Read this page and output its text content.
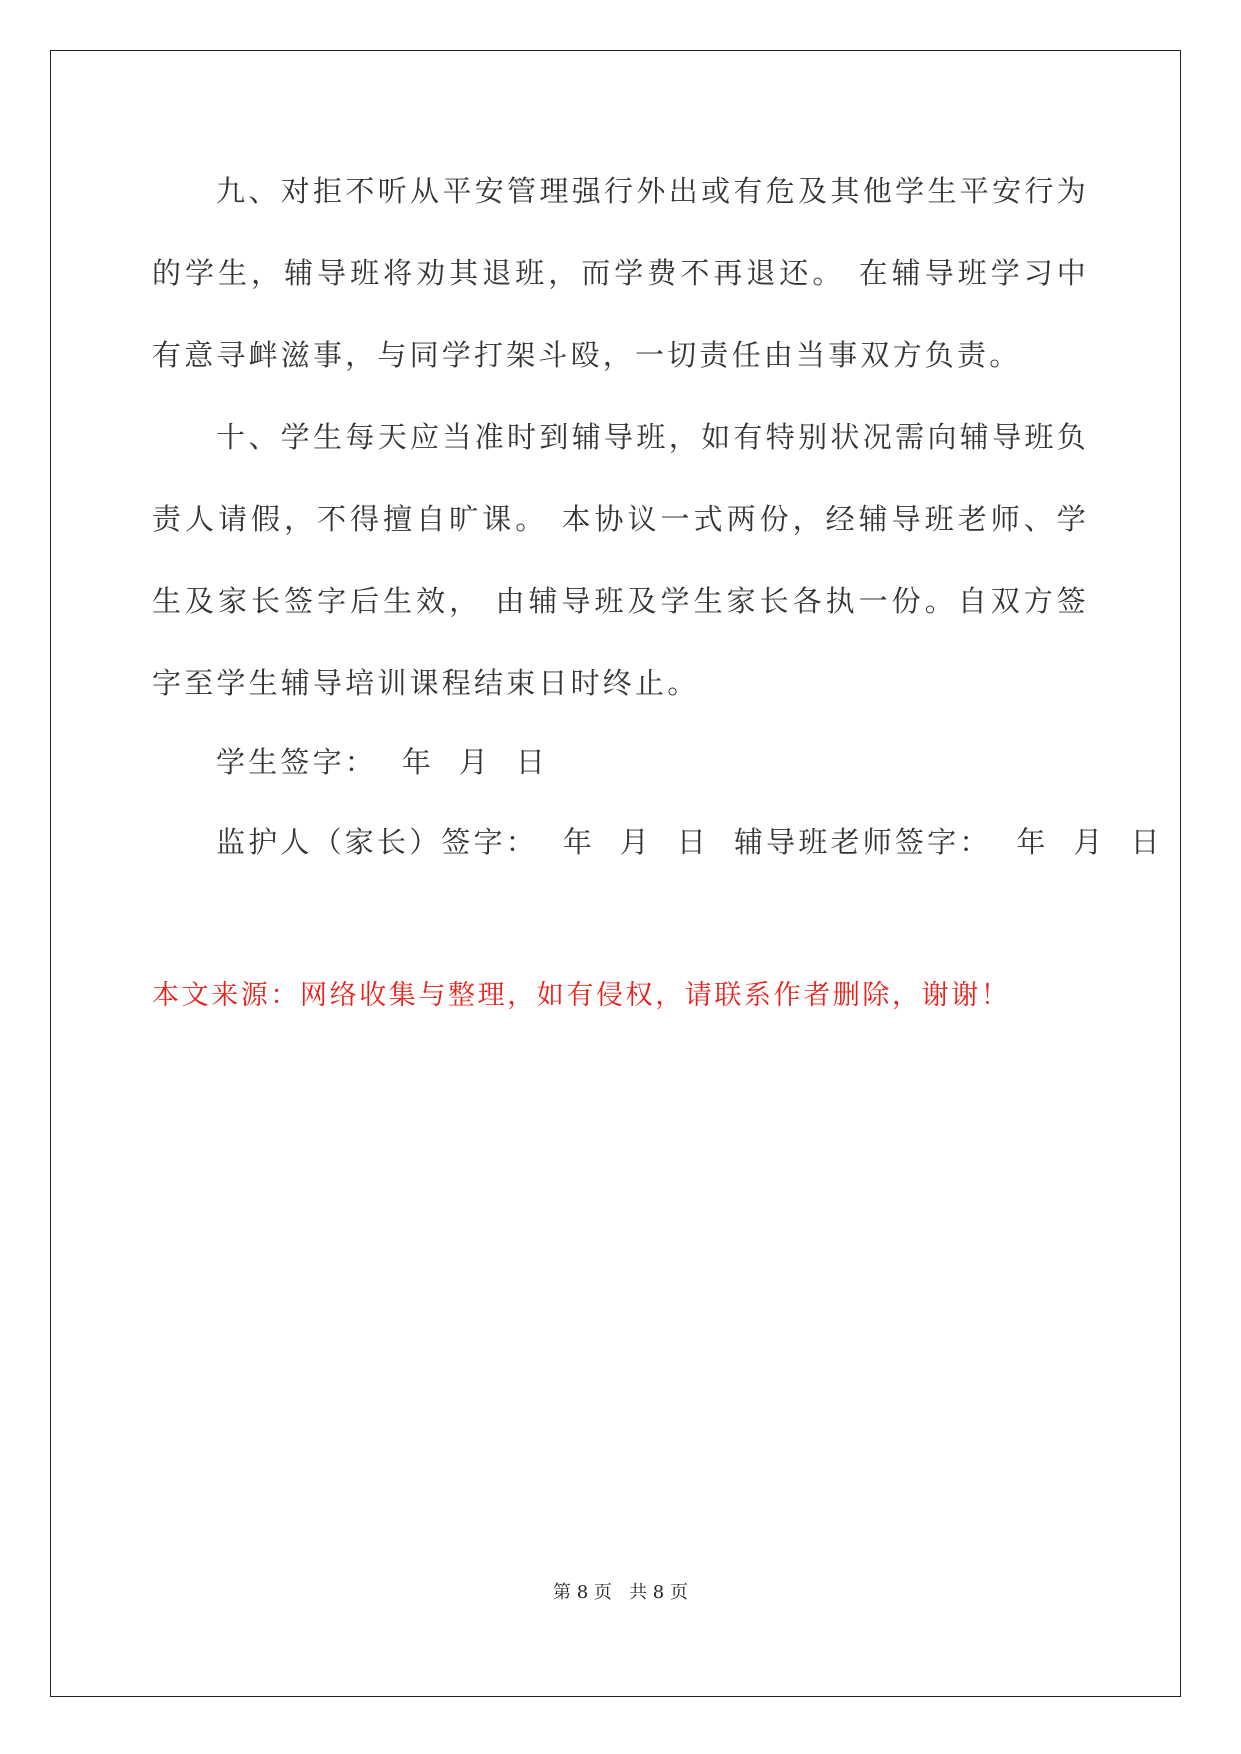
九、对拒不听从平安管理强行外出或有危及其他学生平安行为的学生，辅导班将劝其退班，而学费不再退还。 在辅导班学习中有意寻衅滋事，与同学打架斗殴，一切责任由当事双方负责。

十、学生每天应当准时到辅导班，如有特别状况需向辅导班负责人请假，不得擅自旷课。 本协议一式两份，经辅导班老师、学生及家长签字后生效， 由辅导班及学生家长各执一份。自双方签字至学生辅导培训课程结束日时终止。

学生签字：  年  月  日
监护人（家长）签字：  年  月  日  辅导班老师签字：  年  月  日
本文来源：网络收集与整理，如有侵权，请联系作者删除，谢谢！
第 8 页   共 8 页
